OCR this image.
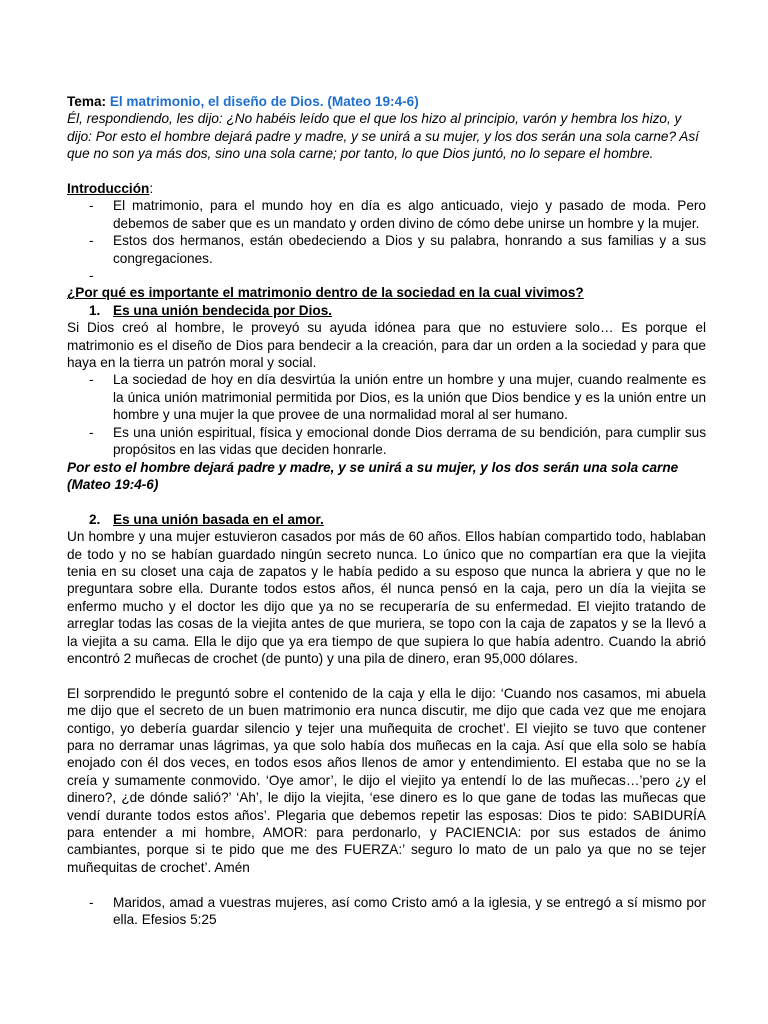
Tema: El matrimonio, el diseño de Dios. (Mateo 19:4-6)

Él, respondiendo, les dijo: ¿No habéis leído que el que los hizo al principio, varón y hembra los hizo, y dijo: Por esto el hombre dejará padre y madre, y se unirá a su mujer, y los dos serán una sola carne? Así que no son ya más dos, sino una sola carne; por tanto, lo que Dios juntó, no lo separe el hombre.

Introducción:

- El matrimonio, para el mundo hoy en día es algo anticuado, viejo y pasado de moda. Pero debemos de saber que es un mandato y orden divino de cómo debe unirse un hombre y la mujer.
- Estos dos hermanos, están obedeciendo a Dios y su palabra, honrando a sus familias y a sus congregaciones.
-

¿Por qué es importante el matrimonio dentro de la sociedad en la cual vivimos?

1. Es una unión bendecida por Dios.

Si Dios creó al hombre, le proveyó su ayuda idónea para que no estuviere solo… Es porque el matrimonio es el diseño de Dios para bendecir a la creación, para dar un orden a la sociedad y para que haya en la tierra un patrón moral y social.

- La sociedad de hoy en día desvirtúa la unión entre un hombre y una mujer, cuando realmente es la única unión matrimonial permitida por Dios, es la unión que Dios bendice y es la unión entre un hombre y una mujer la que provee de una normalidad moral al ser humano.
- Es una unión espiritual, física y emocional donde Dios derrama de su bendición, para cumplir sus propósitos en las vidas que deciden honrarle.

Por esto el hombre dejará padre y madre, y se unirá a su mujer, y los dos serán una sola carne (Mateo 19:4-6)

2. Es una unión basada en el amor.

Un hombre y una mujer estuvieron casados por más de 60 años. Ellos habían compartido todo, hablaban de todo y no se habían guardado ningún secreto nunca. Lo único que no compartían era que la viejita tenia en su closet una caja de zapatos y le había pedido a su esposo que nunca la abriera y que no le preguntara sobre ella. Durante todos estos años, él nunca pensó en la caja, pero un día la viejita se enfermo mucho y el doctor les dijo que ya no se recuperaría de su enfermedad. El viejito tratando de arreglar todas las cosas de la viejita antes de que muriera, se topo con la caja de zapatos y se la llevó a la viejita a su cama. Ella le dijo que ya era tiempo de que supiera lo que había adentro. Cuando la abrió encontró 2 muñecas de crochet (de punto) y una pila de dinero, eran 95,000 dólares.

El sorprendido le preguntó sobre el contenido de la caja y ella le dijo: ‘Cuando nos casamos, mi abuela me dijo que el secreto de un buen matrimonio era nunca discutir, me dijo que cada vez que me enojara contigo, yo debería guardar silencio y tejer una muñequita de crochet’. El viejito se tuvo que contener para no derramar unas lágrimas, ya que solo había dos muñecas en la caja. Así que ella solo se había enojado con él dos veces, en todos esos años llenos de amor y entendimiento. El estaba que no se la creía y sumamente conmovido. ‘Oye amor’, le dijo el viejito ya entendí lo de las muñecas…’pero ¿y el dinero?, ¿de dónde salió?’ ‘Ah’, le dijo la viejita, ‘ese dinero es lo que gane de todas las muñecas que vendí durante todos estos años’. Plegaria que debemos repetir las esposas: Dios te pido: SABIDURÍA para entender a mi hombre, AMOR: para perdonarlo, y PACIENCIA: por sus estados de ánimo cambiantes, porque si te pido que me des FUERZA:’ seguro lo mato de un palo ya que no se tejer muñequitas de crochet’. Amén

- Maridos, amad a vuestras mujeres, así como Cristo amó a la iglesia, y se entregó a sí mismo por ella. Efesios 5:25
